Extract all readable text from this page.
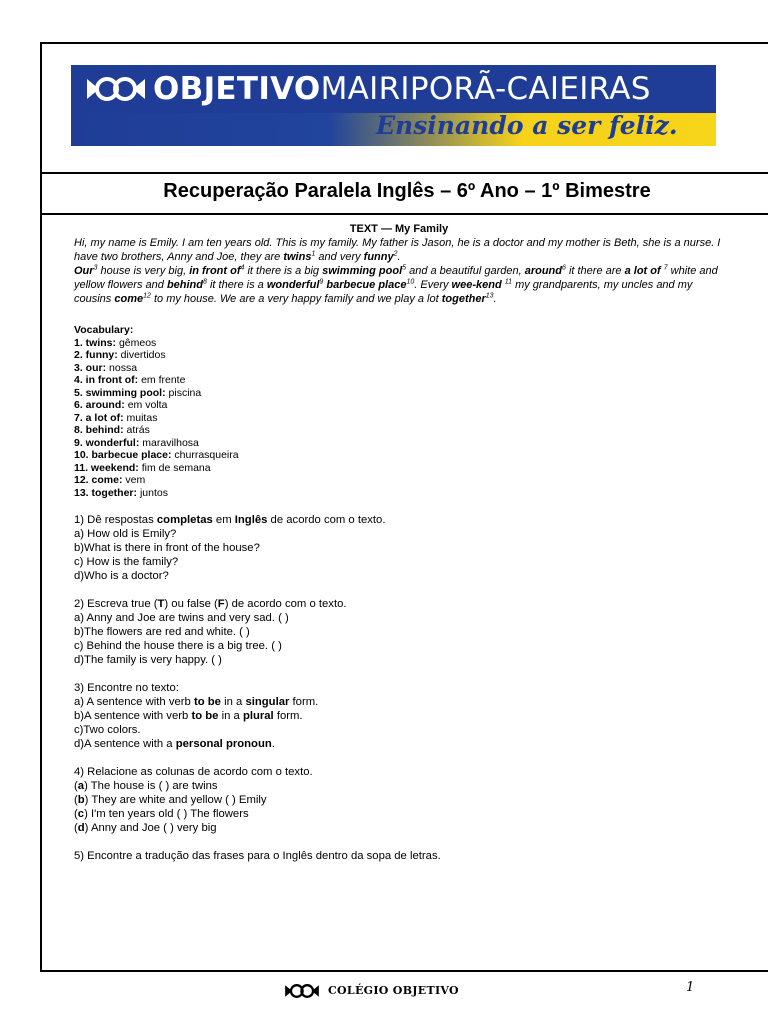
OBJETIVOMAIRIPORÃ-CAIEIRAS
Ensinando a ser feliz.
Recuperação Paralela Inglês – 6º Ano – 1º Bimestre
TEXT — My Family
Hi, my name is Emily. I am ten years old. This is my family. My father is Jason, he is a doctor and my mother is Beth, she is a nurse. I have two brothers, Anny and Joe, they are twins$^1$ and very funny$^2$.
Our$^3$ house is very big, in front $of^4$ it there is a big swimming pool$^5$ and a beautiful garden, around$^6$ it there are a lot of $^7$ white and yellow flowers and behind$^8$ it there is a wonderful$^9$ barbecue place$^{10}$. Every wee-kend $^{11}$ my grandparents, my uncles and my cousins come$^{12}$ to my house. We are a very happy family and we play a lot together$^{13}$.
Vocabulary:
1. twins: gêmeos
2. funny: divertidos
3. our: nossa
4. in front of: em frente
5. swimming pool: piscina
6. around: em volta
7. a lot of: muitas
8. behind: atrás
9. wonderful: maravilhosa
10. barbecue place: churrasqueira
11. weekend: fim de semana
12. come: vem
13. together: juntos

1) Dê respostas completas em Inglês de acordo com o texto.

a) How old is Emily?

b)What is there in front of the house?

c) How is the family?

d)Who is a doctor?

2) Escreva true (T) ou false (F) de acordo com o texto.

a) Anny and Joe are twins and very sad. ( )

b)The flowers are red and white. ( )

c) Behind the house there is a big tree. ( )

d)The family is very happy. ( )

3) Encontre no texto:

a) A sentence with verb to be in a singular form.

b)A sentence with verb to be in a plural form.

c)Two colors.

d)A sentence with a personal pronoun.

4) Relacione as colunas de acordo com o texto.

(a) The house is ( ) are twins

(b) They are white and yellow ( ) Emily

(c) I'm ten years old ( ) The flowers

(d) Anny and Joe ( ) very big

5) Encontre a tradução das frases para o Inglês dentro da sopa de letras.

COLÉGIO OBJETIVO	1
